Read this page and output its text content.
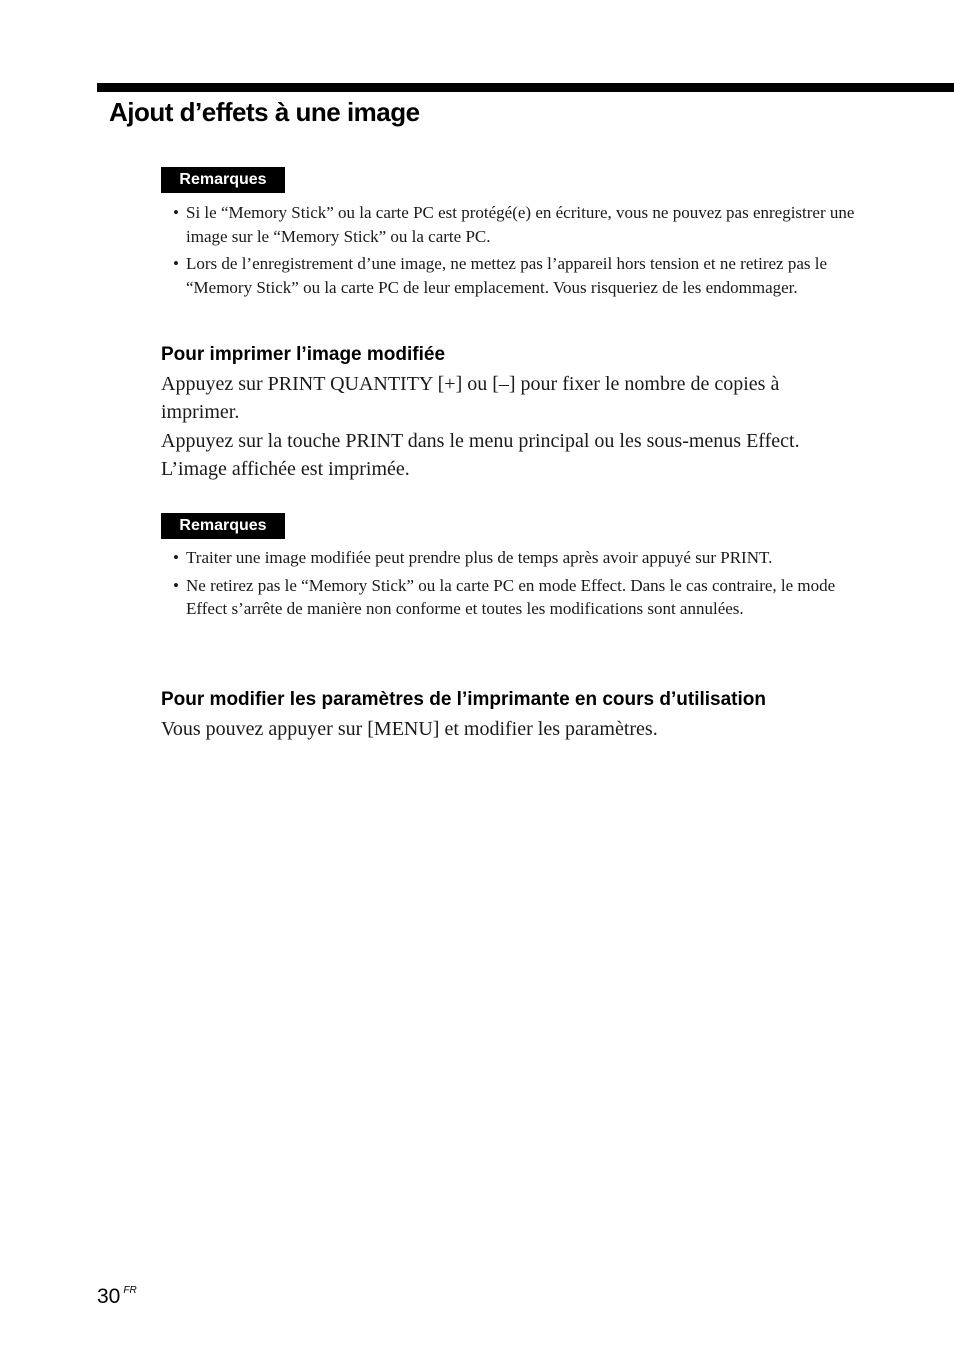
Ajout d’effets à une image
Remarques
• Si le “Memory Stick” ou la carte PC est protégé(e) en écriture, vous ne pouvez pas enregistrer une image sur le “Memory Stick” ou la carte PC.
• Lors de l’enregistrement d’une image, ne mettez pas l’appareil hors tension et ne retirez pas le “Memory Stick” ou la carte PC de leur emplacement. Vous risqueriez de les endommager.
Pour imprimer l’image modifiée

Appuyez sur PRINT QUANTITY [+] ou [–] pour fixer le nombre de copies à imprimer.

Appuyez sur la touche PRINT dans le menu principal ou les sous-menus Effect. L’image affichée est imprimée.

Remarques
• Traiter une image modifiée peut prendre plus de temps après avoir appuyé sur PRINT.
• Ne retirez pas le “Memory Stick” ou la carte PC en mode Effect. Dans le cas contraire, le mode Effect s’arrête de manière non conforme et toutes les modifications sont annulées.
Pour modifier les paramètres de l’imprimante en cours d’utilisation

Vous pouvez appuyer sur [MENU] et modifier les paramètres.

30 $^{FR}$
